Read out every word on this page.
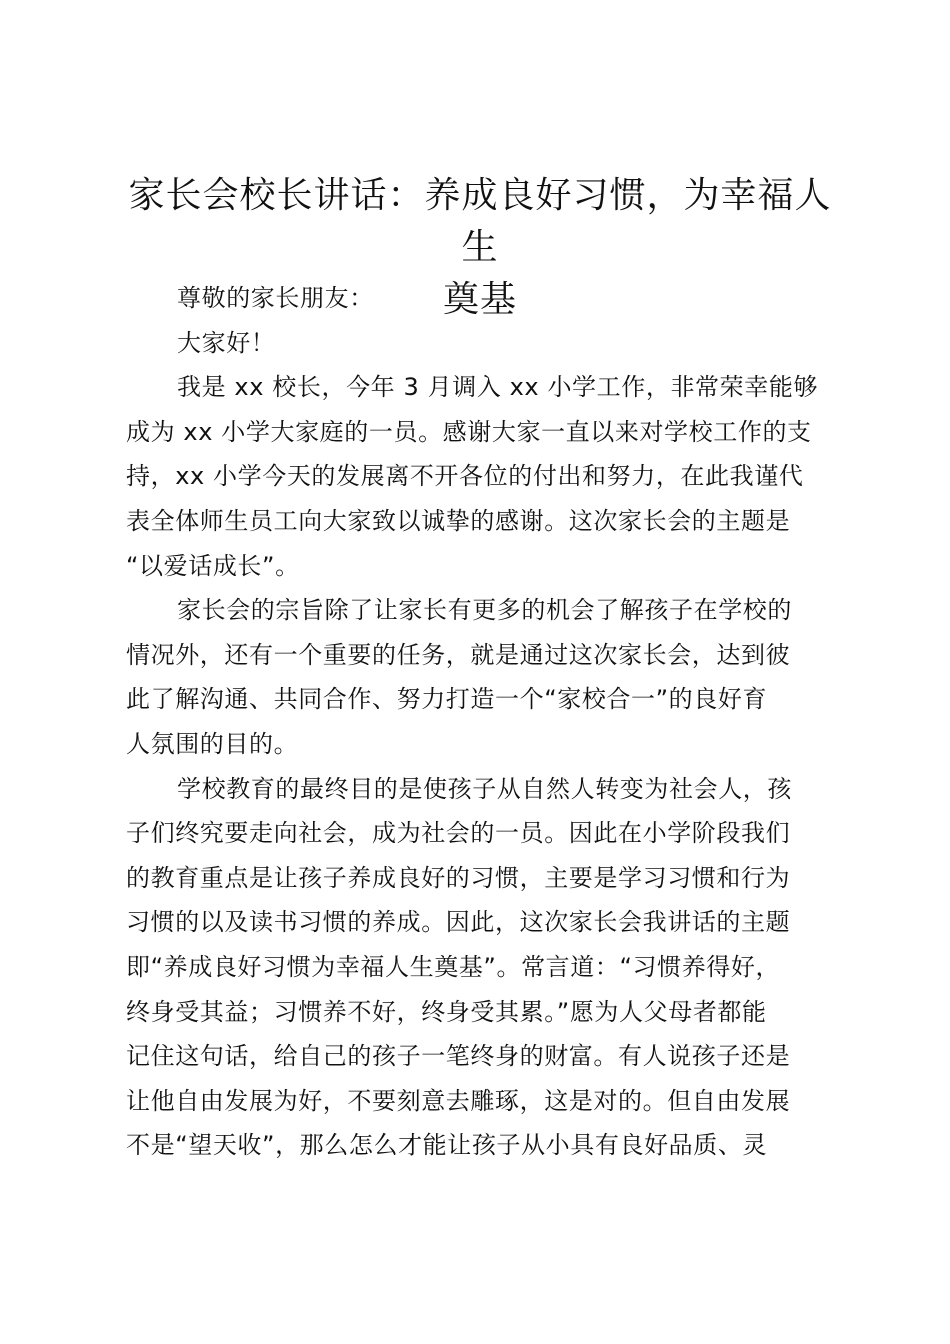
家长会校长讲话：养成良好习惯，为幸福人生
奠基

尊敬的家长朋友：

大家好！

我是 xx 校长，今年 3 月调入 xx 小学工作，非常荣幸能够
成为 xx 小学大家庭的一员。感谢大家一直以来对学校工作的支
持，xx 小学今天的发展离不开各位的付出和努力，在此我谨代
表全体师生员工向大家致以诚挚的感谢。这次家长会的主题是
“以爱话成长”。

家长会的宗旨除了让家长有更多的机会了解孩子在学校的
情况外，还有一个重要的任务，就是通过这次家长会，达到彼
此了解沟通、共同合作、努力打造一个“家校合一”的良好育
人氛围的目的。

学校教育的最终目的是使孩子从自然人转变为社会人，孩
子们终究要走向社会，成为社会的一员。因此在小学阶段我们
的教育重点是让孩子养成良好的习惯，主要是学习习惯和行为
习惯的以及读书习惯的养成。因此，这次家长会我讲话的主题
即“养成良好习惯为幸福人生奠基”。常言道：“习惯养得好，
终身受其益；习惯养不好，终身受其累。”愿为人父母者都能
记住这句话，给自己的孩子一笔终身的财富。有人说孩子还是
让他自由发展为好，不要刻意去雕琢，这是对的。但自由发展
不是“望天收”，那么怎么才能让孩子从小具有良好品质、灵
